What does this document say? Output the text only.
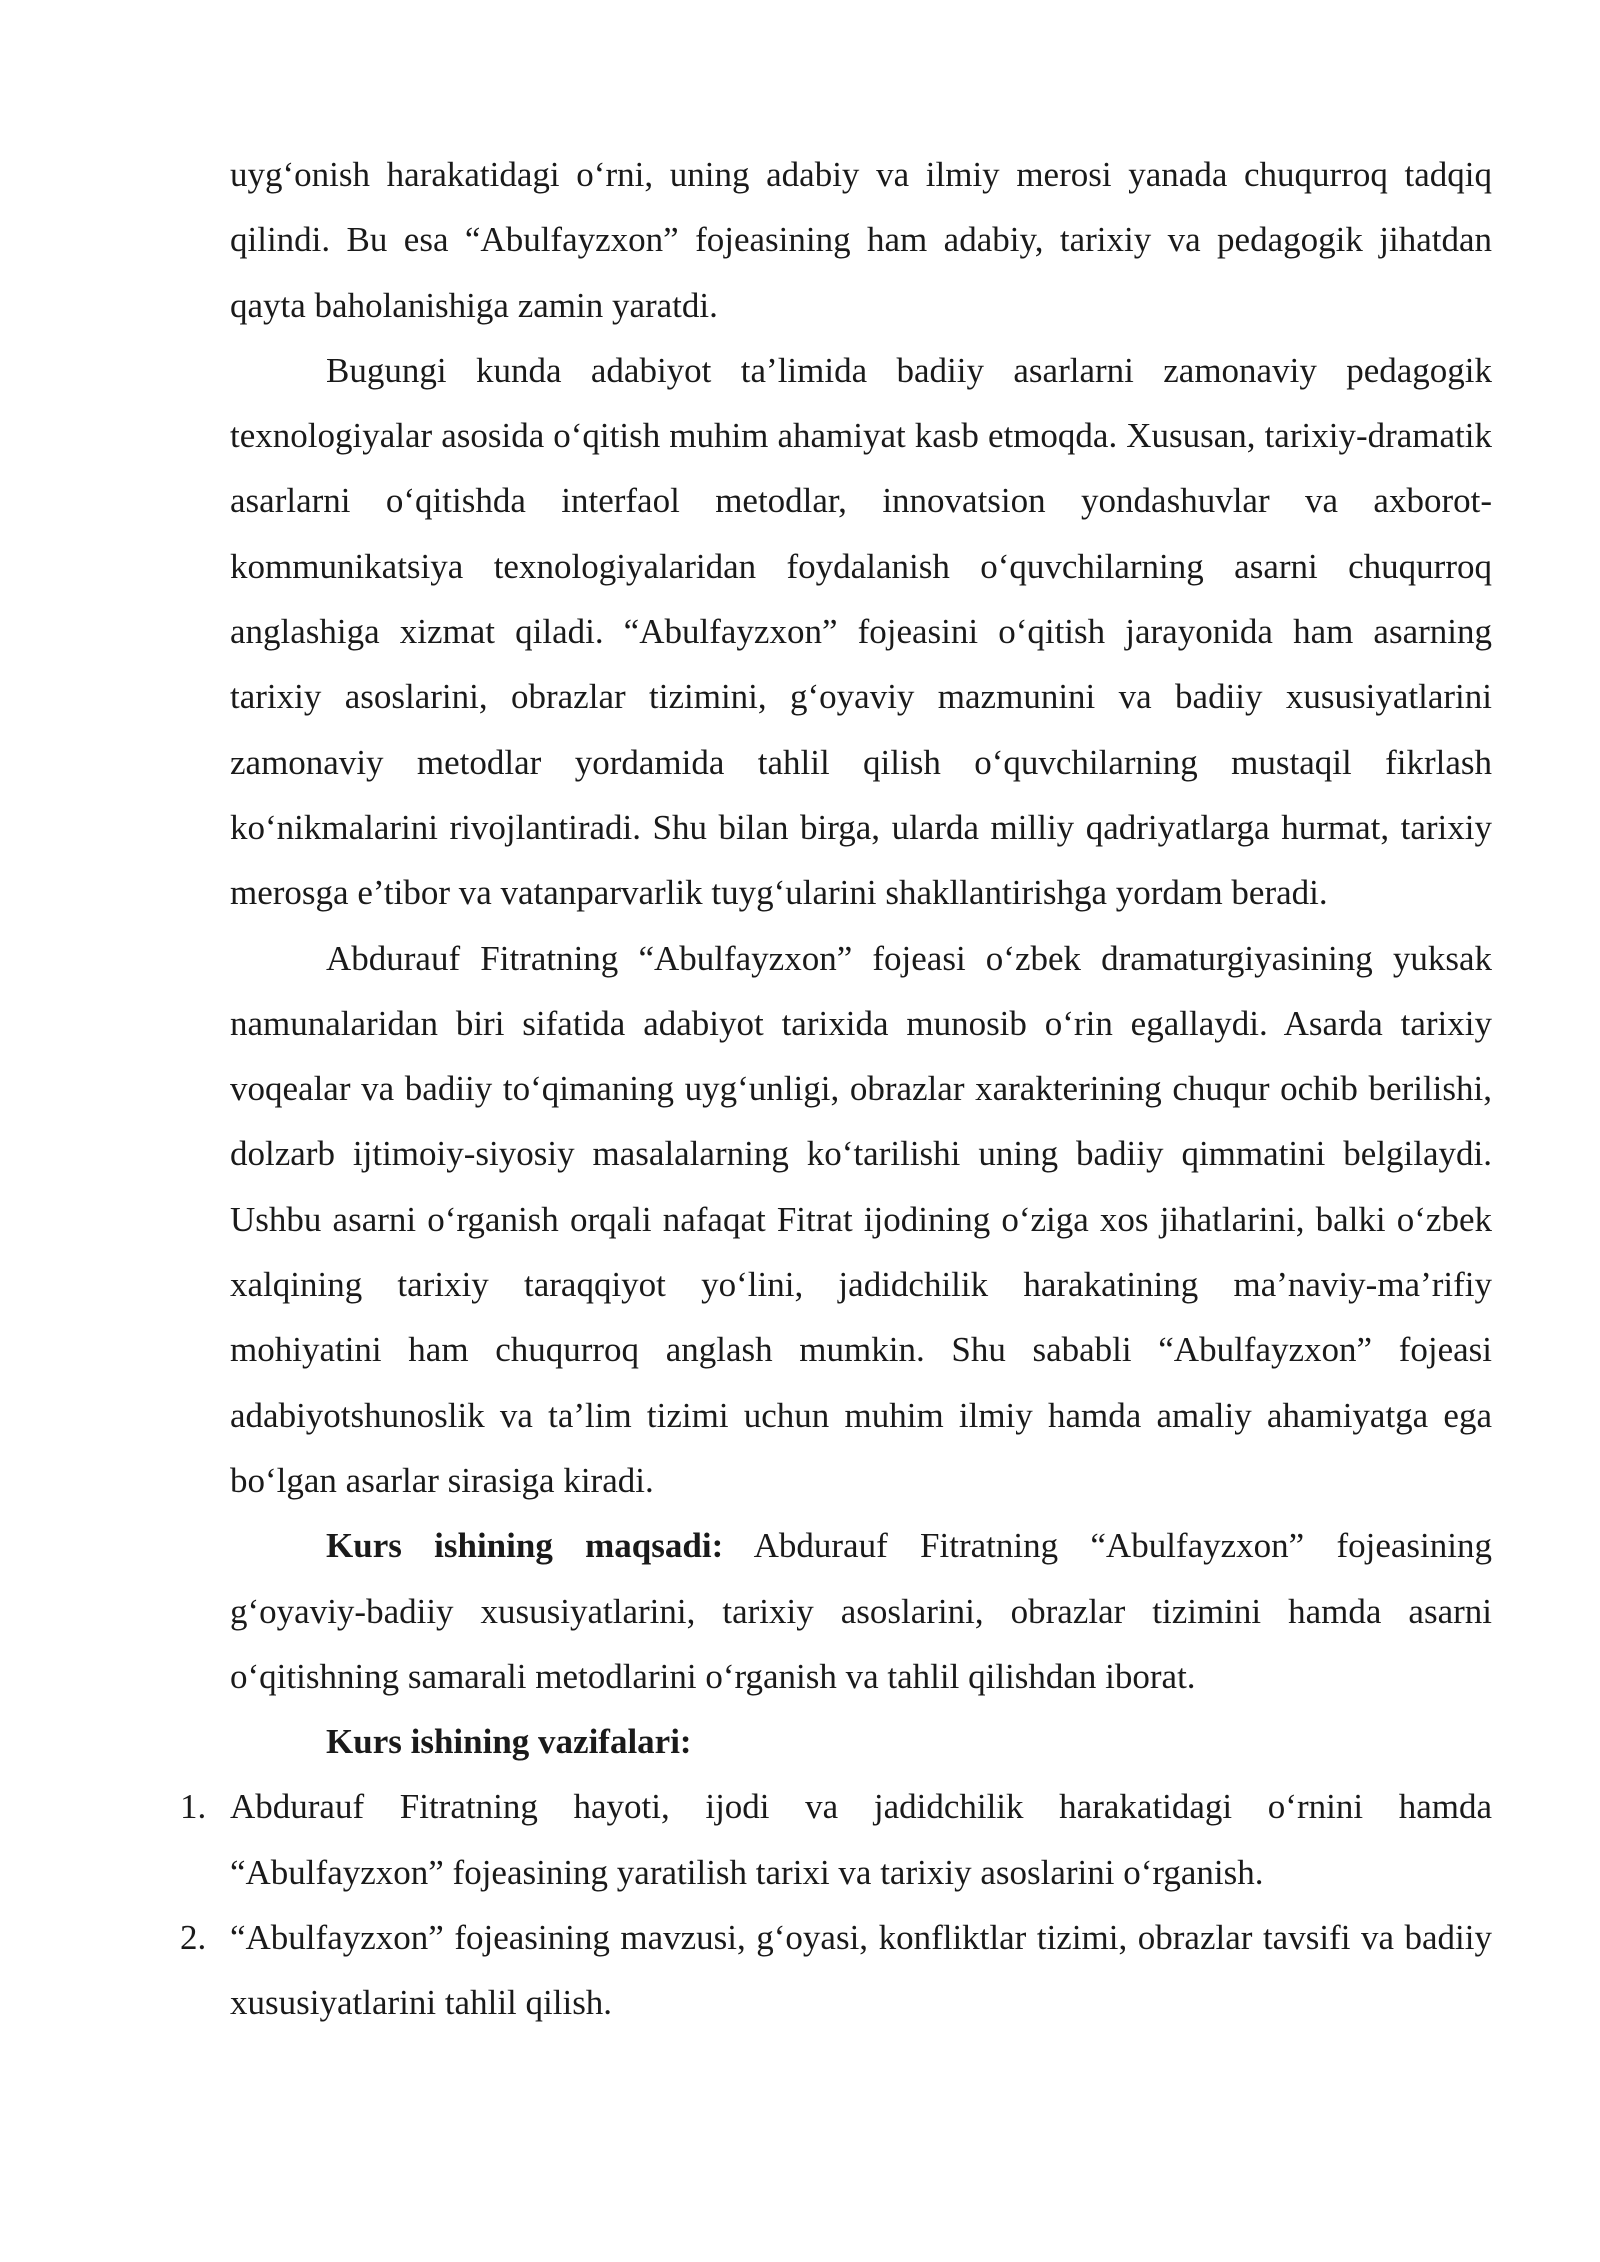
uyg‘onish harakatidagi o‘rni, uning adabiy va ilmiy merosi yanada chuqurroq tadqiq qilindi. Bu esa “Abulfayzxon” fojeasining ham adabiy, tarixiy va pedagogik jihatdan qayta baholanishiga zamin yaratdi.

Bugungi kunda adabiyot ta’limida badiiy asarlarni zamonaviy pedagogik texnologiyalar asosida o‘qitish muhim ahamiyat kasb etmoqda. Xususan, tarixiy-dramatik asarlarni o‘qitishda interfaol metodlar, innovatsion yondashuvlar va axborot-kommunikatsiya texnologiyalaridan foydalanish o‘quvchilarning asarni chuqurroq anglashiga xizmat qiladi. “Abulfayzxon” fojeasini o‘qitish jarayonida ham asarning tarixiy asoslarini, obrazlar tizimini, g‘oyaviy mazmunini va badiiy xususiyatlarini zamonaviy metodlar yordamida tahlil qilish o‘quvchilarning mustaqil fikrlash ko‘nikmalarini rivojlantiradi. Shu bilan birga, ularda milliy qadriyatlarga hurmat, tarixiy merosga e’tibor va vatanparvarlik tuyg‘ularini shakllantirishga yordam beradi.

Abdurauf Fitratning “Abulfayzxon” fojeasi o‘zbek dramaturgiyasining yuksak namunalaridan biri sifatida adabiyot tarixida munosib o‘rin egallaydi. Asarda tarixiy voqealar va badiiy to‘qimaning uyg‘unligi, obrazlar xarakterining chuqur ochib berilishi, dolzarb ijtimoiy-siyosiy masalalarning ko‘tarilishi uning badiiy qimmatini belgilaydi. Ushbu asarni o‘rganish orqali nafaqat Fitrat ijodining o‘ziga xos jihatlarini, balki o‘zbek xalqining tarixiy taraqqiyot yo‘lini, jadidchilik harakatining ma’naviy-ma’rifiy mohiyatini ham chuqurroq anglash mumkin. Shu sababli “Abulfayzxon” fojeasi adabiyotshunoslik va ta’lim tizimi uchun muhim ilmiy hamda amaliy ahamiyatga ega bo‘lgan asarlar sirasiga kiradi.

Kurs ishining maqsadi: Abdurauf Fitratning “Abulfayzxon” fojeasining g‘oyaviy-badiiy xususiyatlarini, tarixiy asoslarini, obrazlar tizimini hamda asarni o‘qitishning samarali metodlarini o‘rganish va tahlil qilishdan iborat.

Kurs ishining vazifalari:

1. Abdurauf Fitratning hayoti, ijodi va jadidchilik harakatidagi o‘rnini hamda “Abulfayzxon” fojeasining yaratilish tarixi va tarixiy asoslarini o‘rganish.
2. “Abulfayzxon” fojeasining mavzusi, g‘oyasi, konfliktlar tizimi, obrazlar tavsifi va badiiy xususiyatlarini tahlil qilish.
